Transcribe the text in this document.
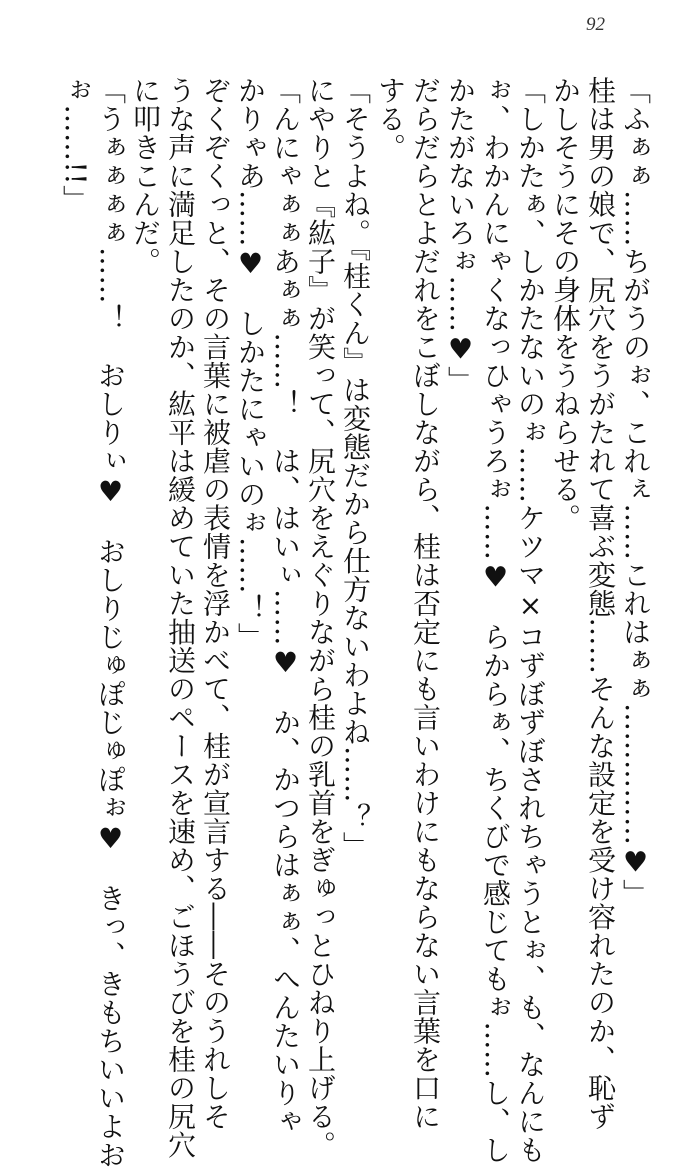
92
「ふぁぁ……ちがうのぉ、これぇ……これはぁぁ……………♥」
桂は男の娘で、尻穴をうがたれて喜ぶ変態……そんな設定を受け容れたのか、恥ず
かしそうにその身体をうねらせる。
「しかたぁ、しかたないのぉ……ケツマ×コずぼずぼされちゃうとぉ、も、なんにも
ぉ、わかんにゃくなっひゃうろぉ……♥　らからぁ、ちくびで感じてもぉ……し、し
かたがないろぉ……♥」
だらだらとよだれをこぼしながら、桂は否定にも言いわけにもならない言葉を口に
する。
「そうよね。『桂くん』は変態だから仕方ないわよね……？」
にやりと『紘子』が笑って、尻穴をえぐりながら桂の乳首をぎゅっとひねり上げる。
「んにゃぁぁあぁぁ……！　は、はいぃ……♥　か、かつらはぁぁ、へんたいりゃ
かりゃあ……♥　しかたにゃいのぉ……！」
ぞくぞくっと、その言葉に被虐の表情を浮かべて、桂が宣言する――そのうれしそ
うな声に満足したのか、紘平は緩めていた抽送のペースを速め、ごほうびを桂の尻穴
に叩きこんだ。
「うぁぁぁぁ……！　おしりぃ♥　おしりじゅぽじゅぽぉ♥　きっ、きもちいいよお
ぉ……!!」
